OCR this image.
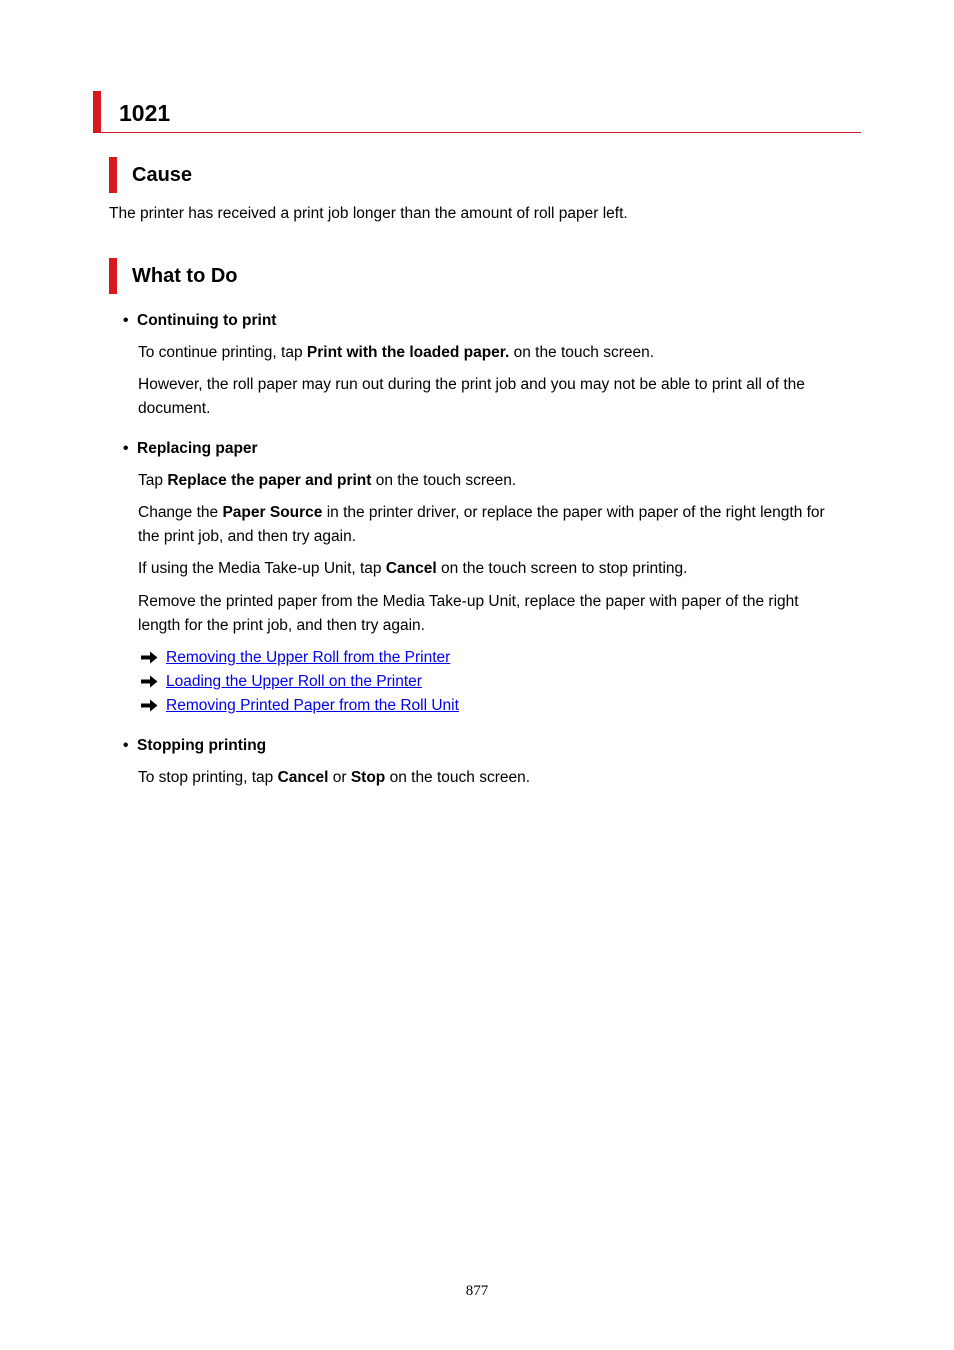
1021
Cause

The printer has received a print job longer than the amount of roll paper left.

What to Do
• Continuing to print

To continue printing, tap Print with the loaded paper. on the touch screen.

However, the roll paper may run out during the print job and you may not be able to print all of the

document.

• Replacing paper

Tap Replace the paper and print on the touch screen.

Change the Paper Source in the printer driver, or replace the paper with paper of the right length for

the print job, and then try again.

If using the Media Take-up Unit, tap Cancel on the touch screen to stop printing.

Remove the printed paper from the Media Take-up Unit, replace the paper with paper of the right

length for the print job, and then try again.

Removing the Upper Roll from the Printer
Loading the Upper Roll on the Printer
Removing Printed Paper from the Roll Unit
• Stopping printing

To stop printing, tap Cancel or Stop on the touch screen.

877
